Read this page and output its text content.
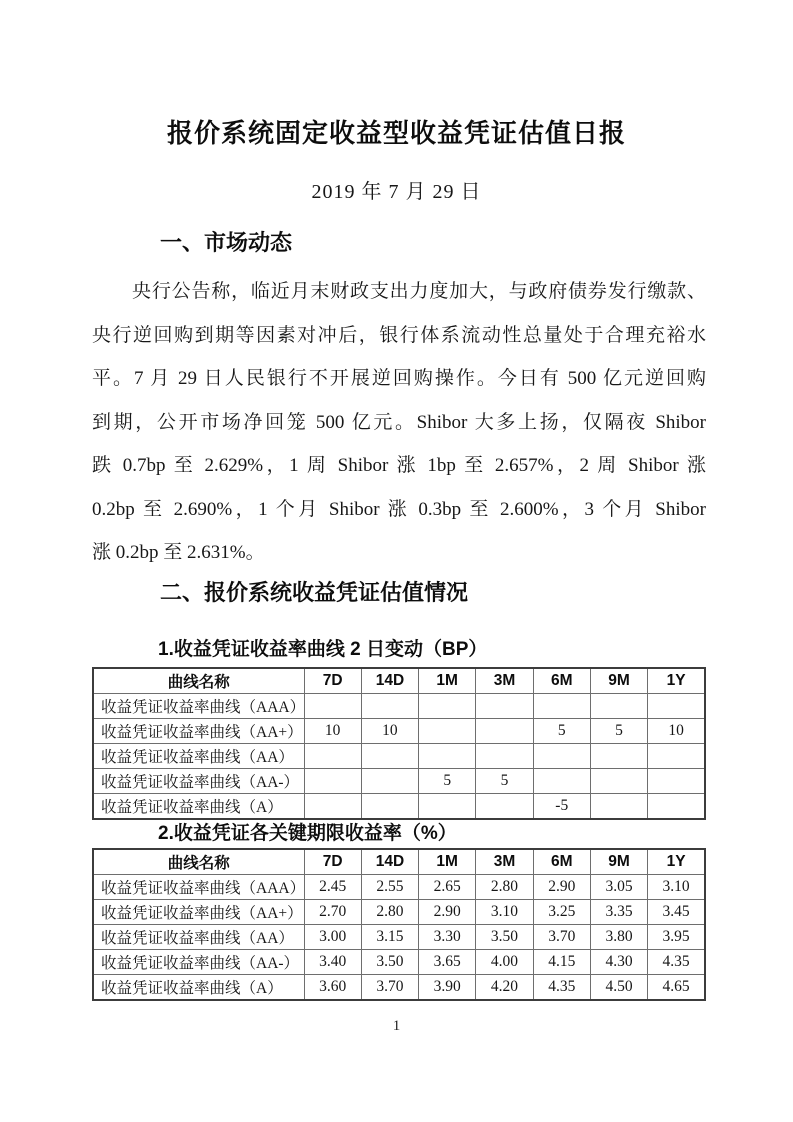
报价系统固定收益型收益凭证估值日报
2019 年 7 月 29 日
一、市场动态
央行公告称，临近月末财政支出力度加大，与政府债券发行缴款、
央行逆回购到期等因素对冲后，银行体系流动性总量处于合理充裕水
平。7 月 29 日人民银行不开展逆回购操作。今日有 500 亿元逆回购
到期，公开市场净回笼 500 亿元。Shibor 大多上扬，仅隔夜 Shibor
跌 0.7bp 至 2.629%，1 周 Shibor 涨 1bp 至 2.657%，2 周 Shibor 涨
0.2bp 至 2.690%，1 个月 Shibor 涨 0.3bp 至 2.600%，3 个月 Shibor
涨 0.2bp 至 2.631%。
二、报价系统收益凭证估值情况
1.收益凭证收益率曲线 2 日变动（BP）
曲线名称	7D	14D	1M	3M	6M	9M	1Y
收益凭证收益率曲线（AAA）							
收益凭证收益率曲线（AA+）	10	10			5	5	10
收益凭证收益率曲线（AA）							
收益凭证收益率曲线（AA-）			5	5			
收益凭证收益率曲线（A）					-5		
2.收益凭证各关键期限收益率（%）
曲线名称	7D	14D	1M	3M	6M	9M	1Y
收益凭证收益率曲线（AAA）	2.45	2.55	2.65	2.80	2.90	3.05	3.10
收益凭证收益率曲线（AA+）	2.70	2.80	2.90	3.10	3.25	3.35	3.45
收益凭证收益率曲线（AA）	3.00	3.15	3.30	3.50	3.70	3.80	3.95
收益凭证收益率曲线（AA-）	3.40	3.50	3.65	4.00	4.15	4.30	4.35
收益凭证收益率曲线（A）	3.60	3.70	3.90	4.20	4.35	4.50	4.65
1
